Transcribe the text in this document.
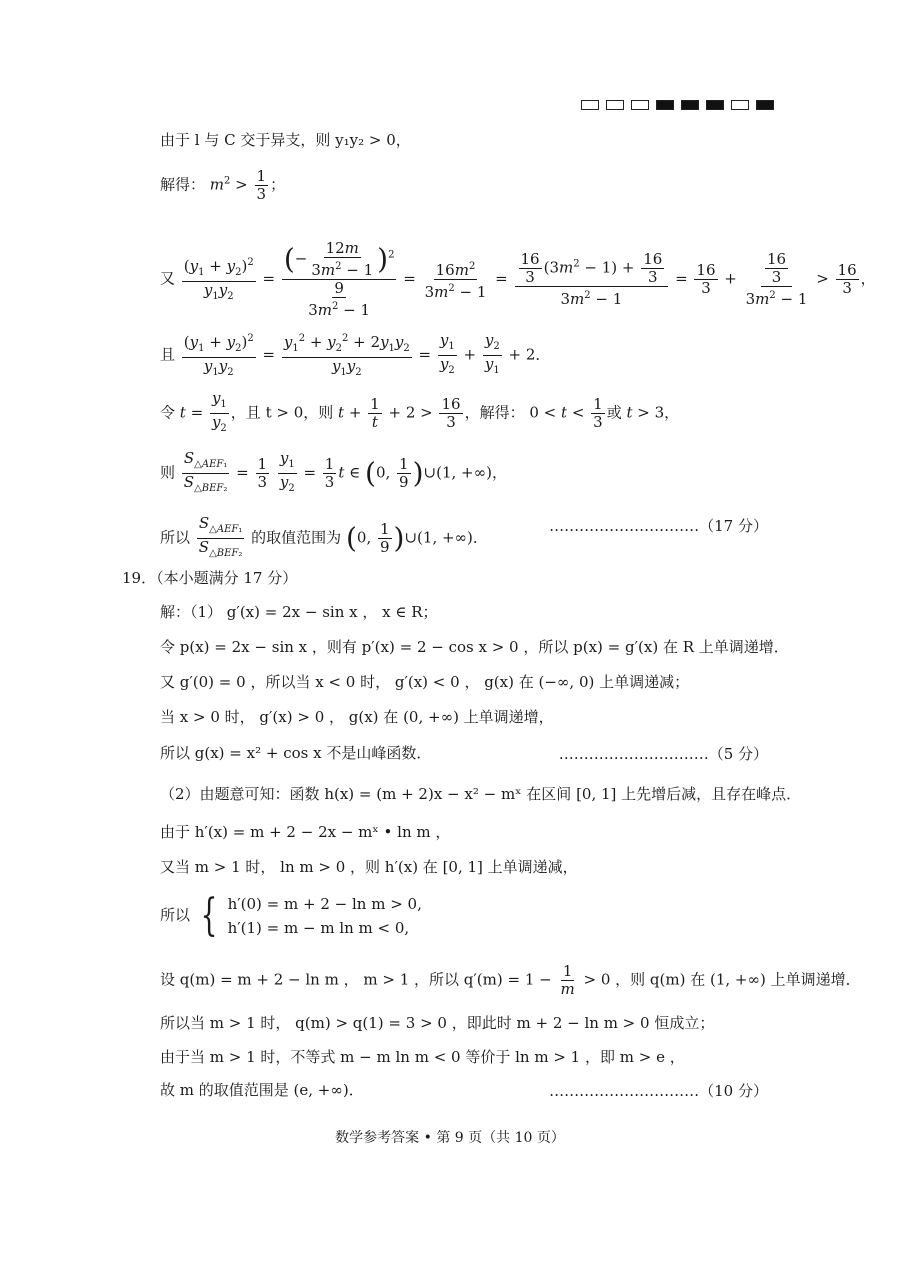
由于 l 与 C 交于异支，则 y₁y₂ > 0，
解得： $m^2 > \frac{1}{3}$ ；
又 $\frac{(y_1 + y_2)^2}{y_1y_2} = \frac{(- \frac{12m}{3m^2 - 1} )^2}{\frac{9}{3m^2 - 1}} = \frac{16m^2}{3m^2 - 1} = \frac{\frac{16}{3} (3m^2 - 1) + \frac{16}{3}}{3m^2 - 1} = \frac{16}{3} + \frac{\frac{16}{3}}{3m^2 - 1} > \frac{16}{3}$ ，
且 $\frac{(y_1 + y_2)^2}{y_1y_2} = \frac{y_1^2 + y_2^2 + 2y_1y_2}{y_1y_2} = \frac{y_1}{y_2} + \frac{y_2}{y_1} + 2$．
令 $t = \frac{y_1}{y_2}$ ，且 t > 0，则 $t + \frac{1}{t} + 2 > \frac{16}{3}$ ，解得： $0 < t < \frac{1}{3}$ 或 t > 3，
则 $\frac{S_{\triangle AEF_1}}{S_{\triangle BEF_2}} = \frac{1}{3}$
$\frac{y_1}{y_2} = \frac{1}{3}$ t ∈ (0, $\frac{1}{9}$ )∪(1, +∞)，
所以 $\frac{S_{\triangle AEF_1}}{S_{\triangle BEF_2}}$ 的取值范围为 (0, $\frac{1}{9}$ )∪(1, +∞)．
…………………………（17 分）
19．（本小题满分 17 分）
解：（1） g′(x) = 2x − sin x ， x ∈ R；
令 p(x) = 2x − sin x ，则有 p′(x) = 2 − cos x > 0 ，所以 p(x) = g′(x) 在 R 上单调递增．
又 g′(0) = 0 ，所以当 x < 0 时， g′(x) < 0 ， g(x) 在 (−∞, 0) 上单调递减；
当 x > 0 时， g′(x) > 0 ， g(x) 在 (0, +∞) 上单调递增，
所以 g(x) = x² + cos x 不是山峰函数．	…………………………（5 分）
（2）由题意可知：函数 h(x) = (m + 2)x − x² − mˣ 在区间 [0, 1] 上先增后减，且存在峰点．
由于 h′(x) = m + 2 − 2x − mˣ • ln m ，
又当 m > 1 时， ln m > 0 ，则 h′(x) 在 [0, 1] 上单调递减，
所以 { h′(0) = m + 2 − ln m > 0,
h′(1) = m − m ln m < 0,
设 q(m) = m + 2 − ln m ， m > 1 ，所以 $q'(m) = 1 - \frac{1}{m} > 0$ ，则 q(m) 在 (1, +∞) 上单调递增．
所以当 m > 1 时， q(m) > q(1) = 3 > 0 ，即此时 m + 2 − ln m > 0 恒成立；
由于当 m > 1 时，不等式 m − m ln m < 0 等价于 ln m > 1 ，即 m > e ，
故 m 的取值范围是 (e, +∞)．	…………………………（10 分）
数学参考答案 • 第 9 页（共 10 页）
